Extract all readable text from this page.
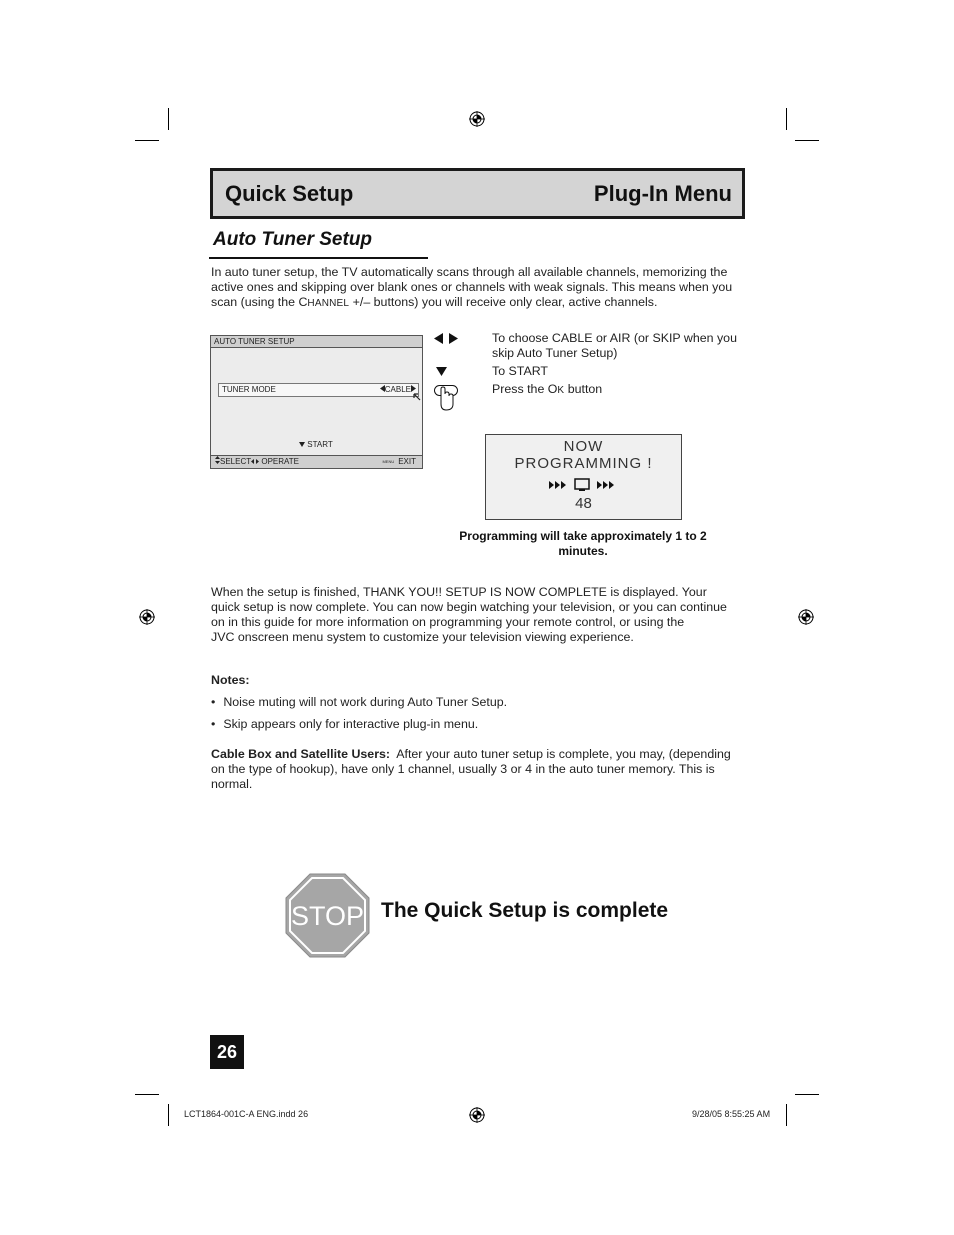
Quick Setup	Plug-In Menu
Auto Tuner Setup
In auto tuner setup, the TV automatically scans through all available channels, memorizing the
active ones and skipping over blank ones or channels with weak signals. This means when you
scan (using the CHANNEL +/– buttons) you will receive only clear, active channels.
AUTO TUNER SETUP
TUNER MODE	CABLE
START
SELECT OPERATE	MENU EXIT
To choose CABLE or AIR (or SKIP when you
skip Auto Tuner Setup)
To START
Press the OK button
NOW
PROGRAMMING !
48
Programming will take approximately 1 to 2
minutes.
When the setup is finished, THANK YOU!! SETUP IS NOW COMPLETE is displayed. Your
quick setup is now complete. You can now begin watching your television, or you can continue
on in this guide for more information on programming your remote control, or using the
JVC onscreen menu system to customize your television viewing experience.
Notes:
• Noise muting will not work during Auto Tuner Setup.
• Skip appears only for interactive plug-in menu.
Cable Box and Satellite Users: After your auto tuner setup is complete, you may, (depending
on the type of hookup), have only 1 channel, usually 3 or 4 in the auto tuner memory. This is
normal.
STOP The Quick Setup is complete
26
LCT1864-001C-A ENG.indd 26	9/28/05 8:55:25 AM
